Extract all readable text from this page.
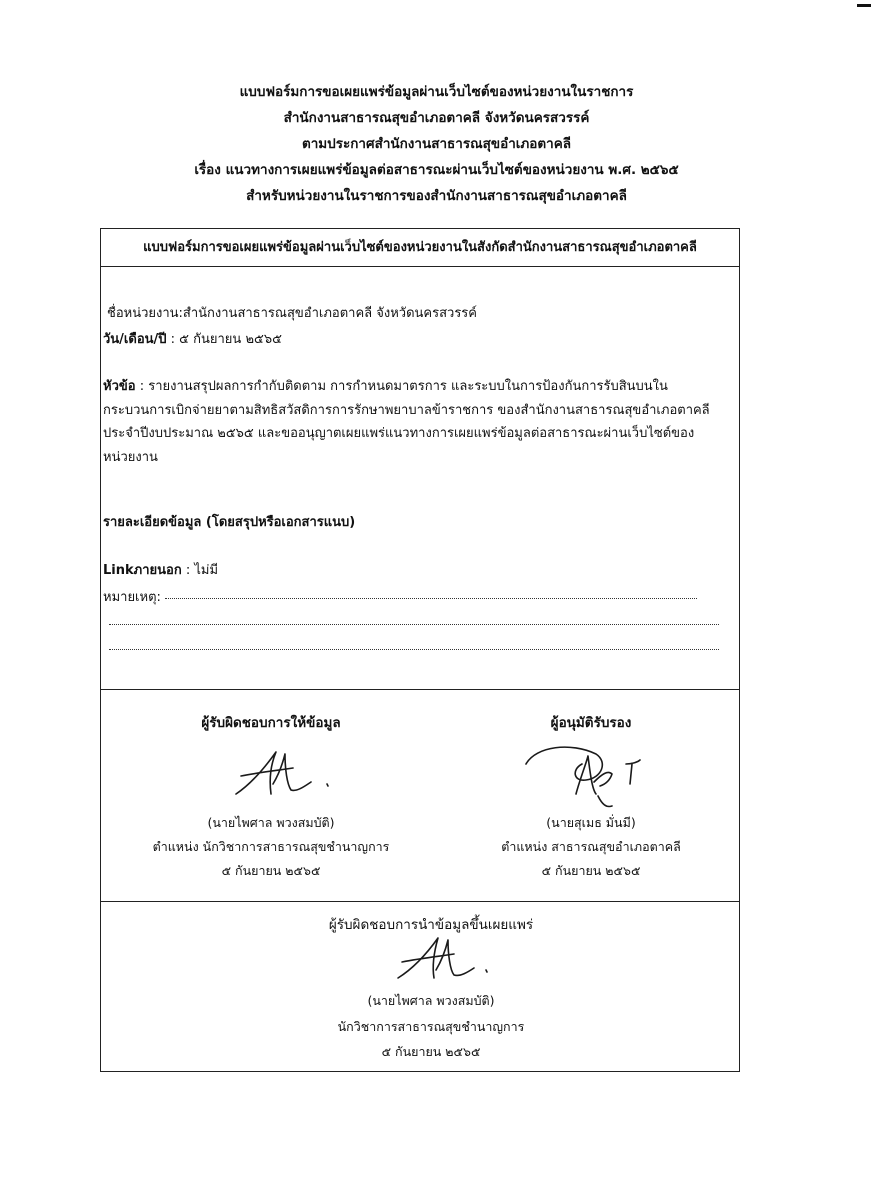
แบบฟอร์มการขอเผยแพร่ข้อมูลผ่านเว็บไซต์ของหน่วยงานในราชการ
สำนักงานสาธารณสุขอำเภอตาคลี จังหวัดนครสวรรค์
ตามประกาศสำนักงานสาธารณสุขอำเภอตาคลี
เรื่อง แนวทางการเผยแพร่ข้อมูลต่อสาธารณะผ่านเว็บไซต์ของหน่วยงาน พ.ศ. ๒๕๖๕
สำหรับหน่วยงานในราชการของสำนักงานสาธารณสุขอำเภอตาคลี
แบบฟอร์มการขอเผยแพร่ข้อมูลผ่านเว็บไซต์ของหน่วยงานในสังกัดสำนักงานสาธารณสุขอำเภอตาคลี
ชื่อหน่วยงาน:สำนักงานสาธารณสุขอำเภอตาคลี จังหวัดนครสวรรค์
วัน/เดือน/ปี : ๕ กันยายน ๒๕๖๕
หัวข้อ : รายงานสรุปผลการกำกับติดตาม การกำหนดมาตรการ และระบบในการป้องกันการรับสินบนใน
กระบวนการเบิกจ่ายยาตามสิทธิสวัสดิการการรักษาพยาบาลข้าราชการ ของสำนักงานสาธารณสุขอำเภอตาคลี
ประจำปีงบประมาณ ๒๕๖๕ และขออนุญาตเผยแพร่แนวทางการเผยแพร่ข้อมูลต่อสาธารณะผ่านเว็บไซต์ของ
หน่วยงาน
รายละเอียดข้อมูล (โดยสรุปหรือเอกสารแนบ)
Linkภายนอก : ไม่มี
หมายเหตุ:
ผู้รับผิดชอบการให้ข้อมูล
(นายไพศาล พวงสมบัติ)
ตำแหน่ง นักวิชาการสาธารณสุขชำนาญการ
๕ กันยายน ๒๕๖๕
ผู้อนุมัติรับรอง
(นายสุเมธ มั่นมี)
ตำแหน่ง สาธารณสุขอำเภอตาคลี
๕ กันยายน ๒๕๖๕
ผู้รับผิดชอบการนำข้อมูลขึ้นเผยแพร่
(นายไพศาล พวงสมบัติ)
นักวิชาการสาธารณสุขชำนาญการ
๕ กันยายน ๒๕๖๕
